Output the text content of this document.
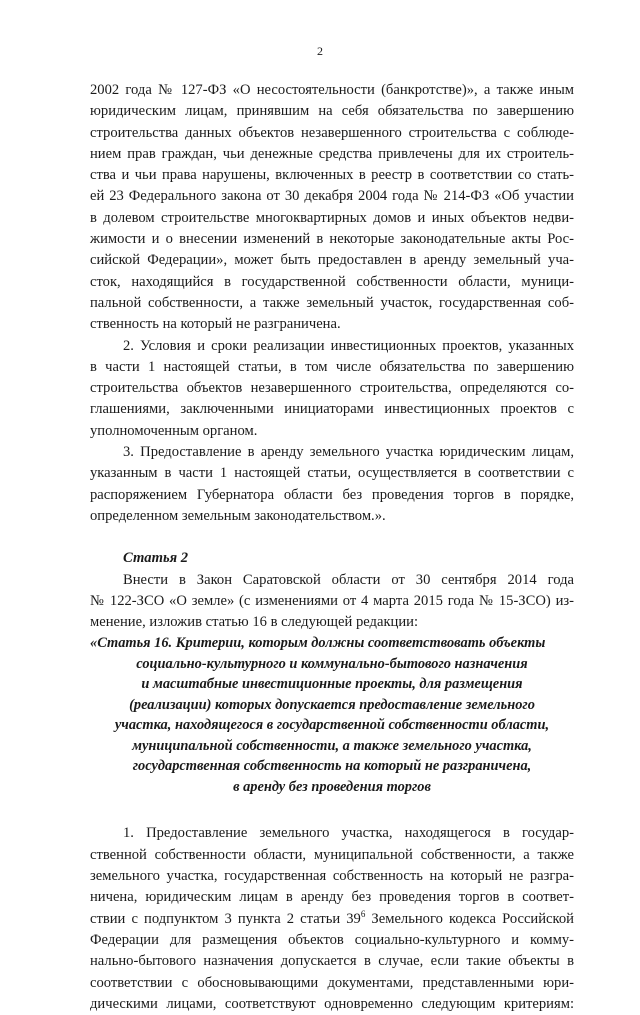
2
2002 года № 127-ФЗ «О несостоятельности (банкротстве)», а также иным
юридическим лицам, принявшим на себя обязательства по завершению
строительства данных объектов незавершенного строительства с соблюде-
нием прав граждан, чьи денежные средства привлечены для их строитель-
ства и чьи права нарушены, включенных в реестр в соответствии со стать-
ей 23 Федерального закона от 30 декабря 2004 года № 214-ФЗ «Об участии
в долевом строительстве многоквартирных домов и иных объектов недви-
жимости и о внесении изменений в некоторые законодательные акты Рос-
сийской Федерации», может быть предоставлен в аренду земельный уча-
сток, находящийся в государственной собственности области, муници-
пальной собственности, а также земельный участок, государственная соб-
ственность на который не разграничена.
2. Условия и сроки реализации инвестиционных проектов, указанных
в части 1 настоящей статьи, в том числе обязательства по завершению
строительства объектов незавершенного строительства, определяются со-
глашениями, заключенными инициаторами инвестиционных проектов с
уполномоченным органом.
3. Предоставление в аренду земельного участка юридическим лицам,
указанным в части 1 настоящей статьи, осуществляется в соответствии с
распоряжением Губернатора области без проведения торгов в порядке,
определенном земельным законодательством.».
Статья 2
Внести в Закон Саратовской области от 30 сентября 2014 года
№ 122-ЗСО «О земле» (с изменениями от 4 марта 2015 года № 15-ЗСО) из-
менение, изложив статью 16 в следующей редакции:
«Статья 16. Критерии, которым должны соответствовать объекты
социально-культурного и коммунально-бытового назначения
и масштабные инвестиционные проекты, для размещения
(реализации) которых допускается предоставление земельного
участка, находящегося в государственной собственности области,
муниципальной собственности, а также земельного участка,
государственная собственность на который не разграничена,
в аренду без проведения торгов
1. Предоставление земельного участка, находящегося в государ-
ственной собственности области, муниципальной собственности, а также
земельного участка, государственная собственность на который не разгра-
ничена, юридическим лицам в аренду без проведения торгов в соответ-
ствии с подпунктом 3 пункта 2 статьи $39^6$ Земельного кодекса Российской
Федерации для размещения объектов социально-культурного и комму-
нально-бытового назначения допускается в случае, если такие объекты в
соответствии с обосновывающими документами, представленными юри-
дическими лицами, соответствуют одновременно следующим критериям:
